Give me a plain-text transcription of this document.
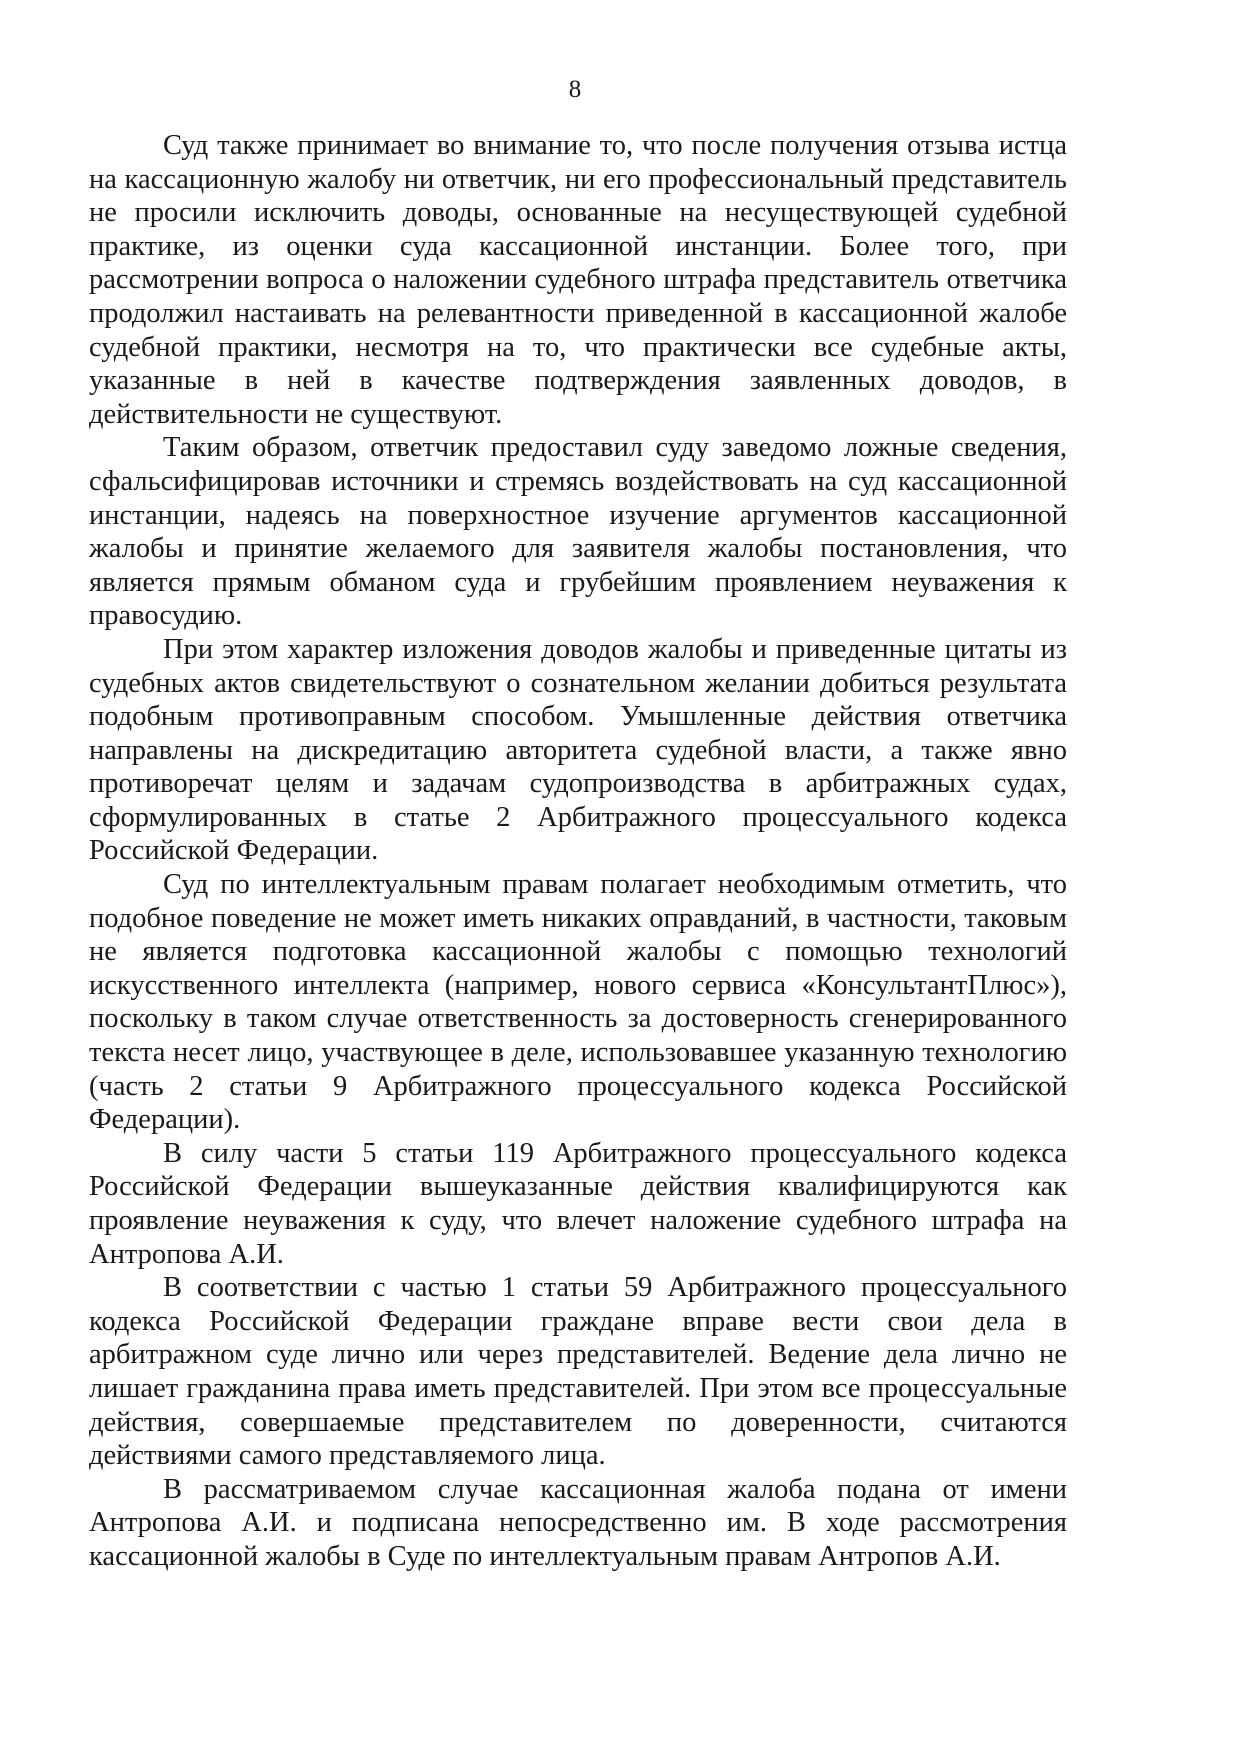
8

Суд также принимает во внимание то, что после получения отзыва истца на кассационную жалобу ни ответчик, ни его профессиональный представитель не просили исключить доводы, основанные на несуществующей судебной практике, из оценки суда кассационной инстанции. Более того, при рассмотрении вопроса о наложении судебного штрафа представитель ответчика продолжил настаивать на релевантности приведенной в кассационной жалобе судебной практики, несмотря на то, что практически все судебные акты, указанные в ней в качестве подтверждения заявленных доводов, в действительности не существуют.

Таким образом, ответчик предоставил суду заведомо ложные сведения, сфальсифицировав источники и стремясь воздействовать на суд кассационной инстанции, надеясь на поверхностное изучение аргументов кассационной жалобы и принятие желаемого для заявителя жалобы постановления, что является прямым обманом суда и грубейшим проявлением неуважения к правосудию.

При этом характер изложения доводов жалобы и приведенные цитаты из судебных актов свидетельствуют о сознательном желании добиться результата подобным противоправным способом. Умышленные действия ответчика направлены на дискредитацию авторитета судебной власти, а также явно противоречат целям и задачам судопроизводства в арбитражных судах, сформулированных в статье 2 Арбитражного процессуального кодекса Российской Федерации.

Суд по интеллектуальным правам полагает необходимым отметить, что подобное поведение не может иметь никаких оправданий, в частности, таковым не является подготовка кассационной жалобы с помощью технологий искусственного интеллекта (например, нового сервиса «КонсультантПлюс»), поскольку в таком случае ответственность за достоверность сгенерированного текста несет лицо, участвующее в деле, использовавшее указанную технологию (часть 2 статьи 9 Арбитражного процессуального кодекса Российской Федерации).

В силу части 5 статьи 119 Арбитражного процессуального кодекса Российской Федерации вышеуказанные действия квалифицируются как проявление неуважения к суду, что влечет наложение судебного штрафа на Антропова А.И.

В соответствии с частью 1 статьи 59 Арбитражного процессуального кодекса Российской Федерации граждане вправе вести свои дела в арбитражном суде лично или через представителей. Ведение дела лично не лишает гражданина права иметь представителей. При этом все процессуальные действия, совершаемые представителем по доверенности, считаются действиями самого представляемого лица.

В рассматриваемом случае кассационная жалоба подана от имени Антропова А.И. и подписана непосредственно им. В ходе рассмотрения кассационной жалобы в Суде по интеллектуальным правам Антропов А.И.
